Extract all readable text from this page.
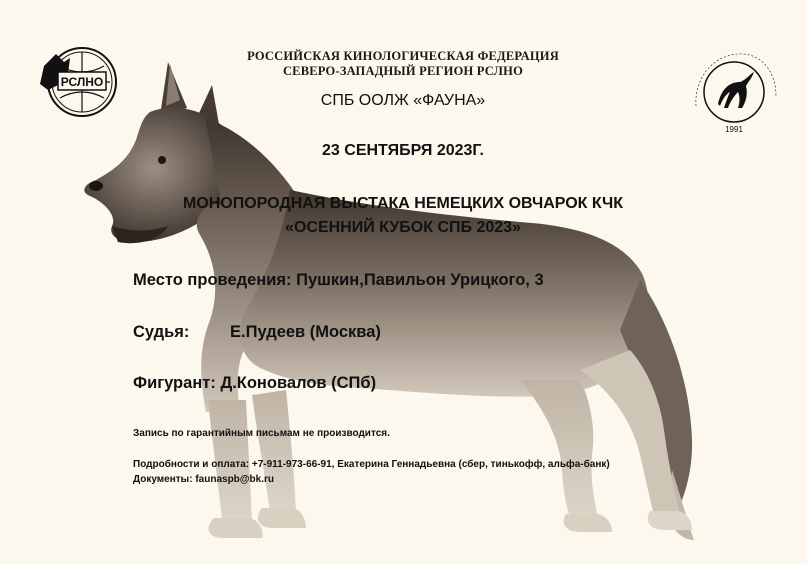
РСЛНО
1991
РОССИЙСКАЯ КИНОЛОГИЧЕСКАЯ ФЕДЕРАЦИЯ
СЕВЕРО-ЗАПАДНЫЙ РЕГИОН РСЛНО
СПБ ООЛЖ «ФАУНА»
23 СЕНТЯБРЯ 2023Г.
МОНОПОРОДНАЯ ВЫСТАКА НЕМЕЦКИХ ОВЧАРОК КЧК
«ОСЕННИЙ КУБОК СПБ 2023»
Место проведения: Пушкин,Павильон Урицкого, 3
Судья: Е.Пудеев (Москва)
Фигурант: Д.Коновалов (СПб)
Запись по гарантийным письмам не производится.
Подробности и оплата: +7-911-973-66-91, Екатерина Геннадьевна (сбер, тинькофф, альфа-банк)
Документы: faunaspb@bk.ru
